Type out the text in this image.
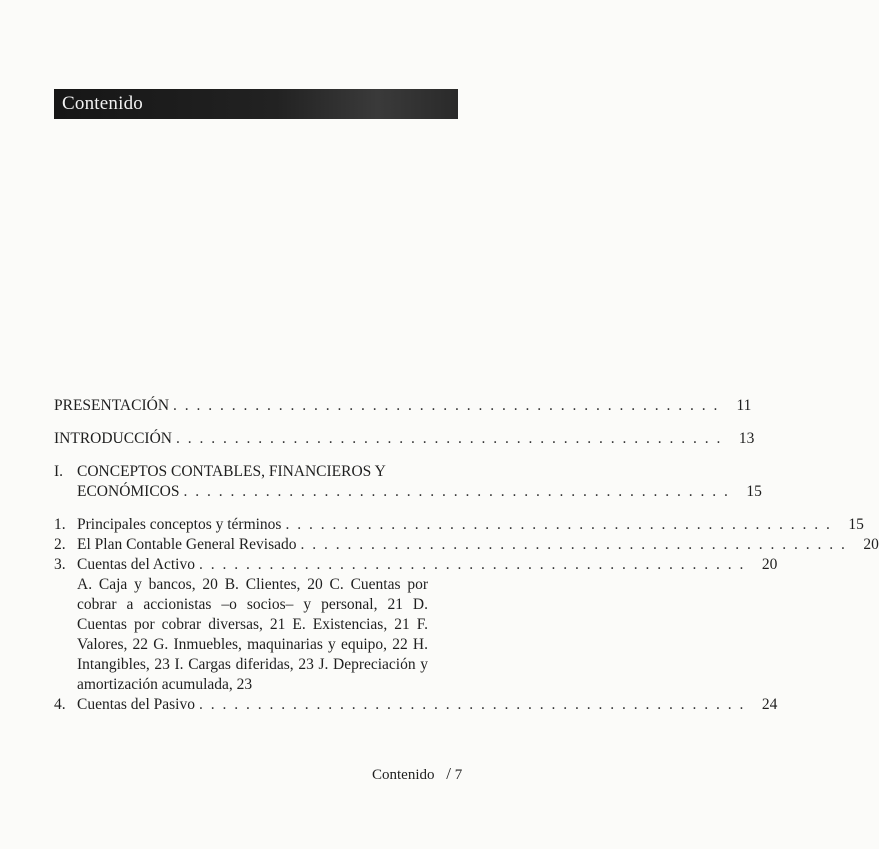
Contenido
PRESENTACIÓN . . . . . . . . . . . . . . . . . . . . . . . . . . . . . . . . . . . . . . . . . . . . . . .	11
INTRODUCCIÓN . . . . . . . . . . . . . . . . . . . . . . . . . . . . . . . . . . . . . . . . . . . . . . .	13
I. CONCEPTOS CONTABLES, FINANCIEROS Y
ECONÓMICOS . . . . . . . . . . . . . . . . . . . . . . . . . . . . . . . . . . . . . . . . . . . . . . .	15
1. Principales conceptos y términos . . . . . . . . . . . . . . . . . . . . . . . . . . . . . . . . . . . . . . . . . . . . . . .	15
2. El Plan Contable General Revisado . . . . . . . . . . . . . . . . . . . . . . . . . . . . . . . . . . . . . . . . . . . . . . .	20
3. Cuentas del Activo . . . . . . . . . . . . . . . . . . . . . . . . . . . . . . . . . . . . . . . . . . . . . . .	20
A. Caja y bancos, 20 B. Clientes, 20 C. Cuentas por cobrar a accionistas –o socios– y personal, 21 D. Cuentas por cobrar diversas, 21 E. Existencias, 21 F. Valores, 22 G. Inmuebles, maquinarias y equipo, 22 H. Intangibles, 23 I. Cargas diferidas, 23 J. Depreciación y amortización acumulada, 23
4. Cuentas del Pasivo . . . . . . . . . . . . . . . . . . . . . . . . . . . . . . . . . . . . . . . . . . . . . . .	24
Contenido / 7
